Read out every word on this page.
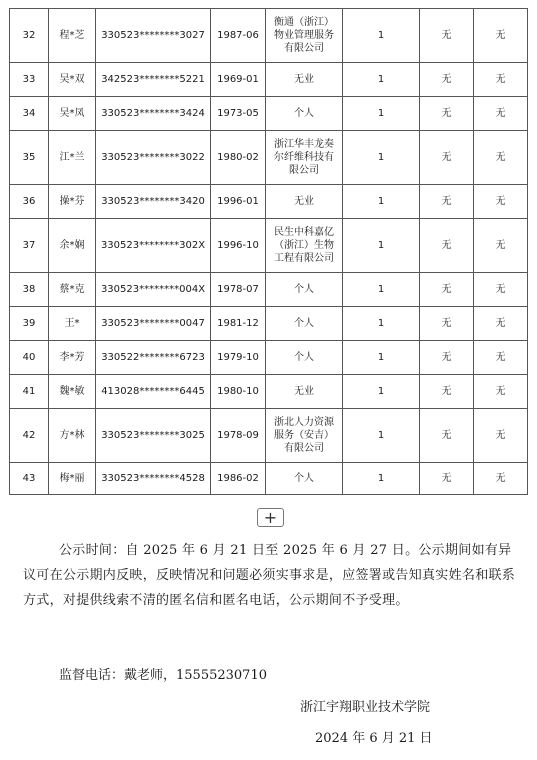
32	程*芝	330523********3027	1987-06	衡通（浙江）
物业管理服务
有限公司	1	无	无
33	吴*双	342523********5221	1969-01	无业	1	无	无
34	吴*凤	330523********3424	1973-05	个人	1	无	无
35	江*兰	330523********3022	1980-02	浙江华丰龙奏
尔纤维科技有
限公司	1	无	无
36	操*芬	330523********3420	1996-01	无业	1	无	无
37	余*娴	330523********302X	1996-10	民生中科嘉亿
（浙江）生物
工程有限公司	1	无	无
38	蔡*克	330523********004X	1978-07	个人	1	无	无
39	王*	330523********0047	1981-12	个人	1	无	无
40	李*芳	330522********6723	1979-10	个人	1	无	无
41	魏*敏	413028********6445	1980-10	无业	1	无	无
42	方*林	330523********3025	1978-09	浙北人力资源
服务（安吉）
有限公司	1	无	无
43	梅*丽	330523********4528	1986-02	个人	1	无	无
+

公示时间：自 2025 年 6 月 21 日至 2025 年 6 月 27 日。公示期间如有异议可在公示期内反映，反映情况和问题必须实事求是，应签署或告知真实姓名和联系方式，对提供线索不清的匿名信和匿名电话，公示期间不予受理。

监督电话：戴老师，15555230710
浙江宇翔职业技术学院
2024 年 6 月 21 日
